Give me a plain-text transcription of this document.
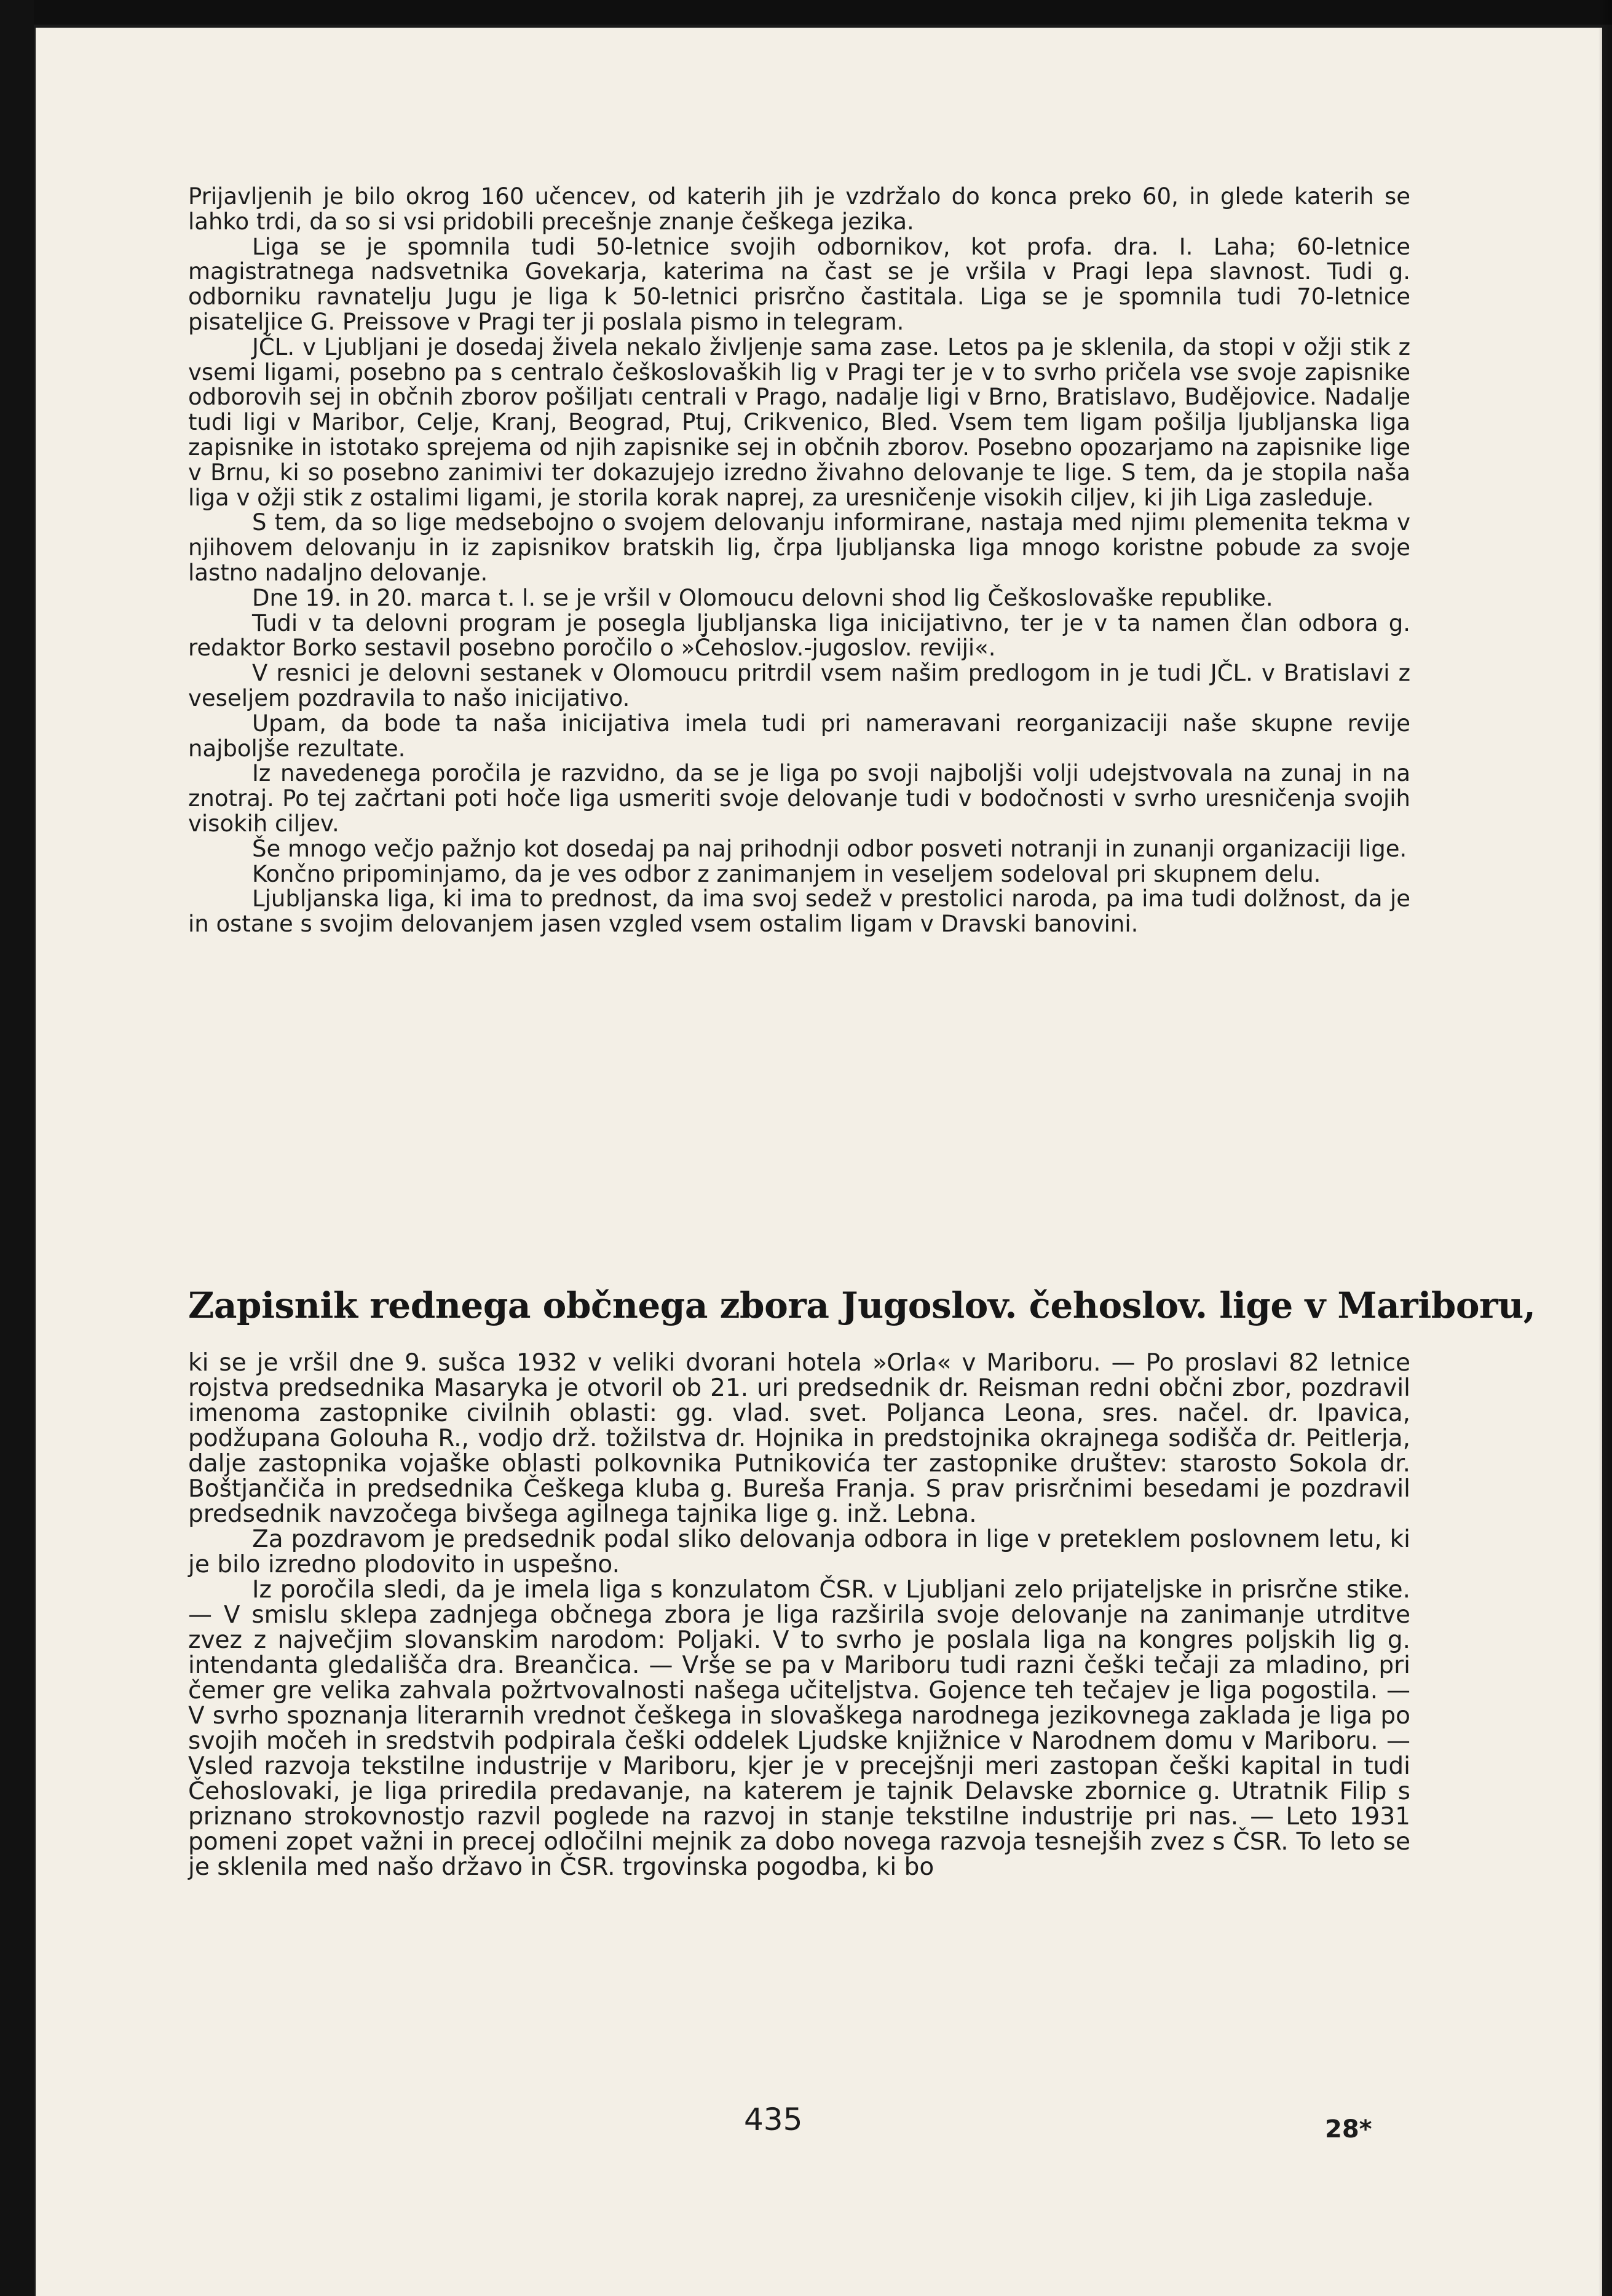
Prijavljenih je bilo okrog 160 učencev, od katerih jih je vzdržalo do konca preko 60, in glede katerih se lahko trdi, da so si vsi pridobili precešnje znanje češkega jezika.

Liga se je spomnila tudi 50-letnice svojih odbornikov, kot profa. dra. I. Laha; 60-letnice magistratnega nadsvetnika Govekarja, katerima na čast se je vršila v Pragi lepa slavnost. Tudi g. odborniku ravnatelju Jugu je liga k 50-letnici prisrčno častitala. Liga se je spomnila tudi 70-letnice pisateljice G. Preissove v Pragi ter ji poslala pismo in telegram.

JČL. v Ljubljani je dosedaj živela nekalo življenje sama zase. Letos pa je sklenila, da stopi v ožji stik z vsemi ligami, posebno pa s centralo češkoslovaških lig v Pragi ter je v to svrho pričela vse svoje zapisnike odborovih sej in občnih zborov pošiljatı centrali v Prago, nadalje ligi v Brno, Bratislavo, Budějovice. Nadalje tudi ligi v Maribor, Celje, Kranj, Beograd, Ptuj, Crikvenico, Bled. Vsem tem ligam pošilja ljubljanska liga zapisnike in istotako sprejema od njih zapisnike sej in občnih zborov. Posebno opozarjamo na zapisnike lige v Brnu, ki so posebno zanimivi ter dokazujejo izredno živahno delovanje te lige. S tem, da je stopila naša liga v ožji stik z ostalimi ligami, je storila korak naprej, za uresničenje visokih ciljev, ki jih Liga zasleduje.

S tem, da so lige medsebojno o svojem delovanju informirane, nastaja med njimı plemenita tekma v njihovem delovanju in iz zapisnikov bratskih lig, črpa ljubljanska liga mnogo koristne pobude za svoje lastno nadaljno delovanje.

Dne 19. in 20. marca t. l. se je vršil v Olomoucu delovni shod lig Češkoslovaške republike.

Tudi v ta delovni program je posegla ljubljanska liga inicijativno, ter je v ta namen član odbora g. redaktor Borko sestavil posebno poročilo o »Čehoslov.-jugoslov. reviji«.

V resnici je delovni sestanek v Olomoucu pritrdil vsem našim predlogom in je tudi JČL. v Bratislavi z veseljem pozdravila to našo inicijativo.

Upam, da bode ta naša inicijativa imela tudi pri nameravani reorganizaciji naše skupne revije najboljše rezultate.

Iz navedenega poročila je razvidno, da se je liga po svoji najboljši volji udejstvovala na zunaj in na znotraj. Po tej začrtani poti hoče liga usmeriti svoje delovanje tudi v bodočnosti v svrho uresničenja svojih visokih ciljev.

Še mnogo večjo pažnjo kot dosedaj pa naj prihodnji odbor posveti notranji in zunanji organizaciji lige.

Končno pripominjamo, da je ves odbor z zanimanjem in veseljem sodeloval pri skupnem delu.

Ljubljanska liga, ki ima to prednost, da ima svoj sedež v prestolici naroda, pa ima tudi dolžnost, da je in ostane s svojim delovanjem jasen vzgled vsem ostalim ligam v Dravski banovini.

Zapisnik rednega občnega zbora Jugoslov. čehoslov. lige v Mariboru,

ki se je vršil dne 9. sušca 1932 v veliki dvorani hotela »Orla« v Mariboru. — Po proslavi 82 letnice rojstva predsednika Masaryka je otvoril ob 21. uri predsednik dr. Reisman redni občni zbor, pozdravil imenoma zastopnike civilnih oblasti: gg. vlad. svet. Poljanca Leona, sres. načel. dr. Ipavica, podžupana Golouha R., vodjo drž. tožilstva dr. Hojnika in predstojnika okrajnega sodišča dr. Peitlerja, dalje zastopnika vojaške oblasti polkovnika Putnikovića ter zastopnike društev: starosto Sokola dr. Boštjančiča in predsednika Češkega kluba g. Bureša Franja. S prav prisrčnimi besedami je pozdravil predsednik navzočega bivšega agilnega tajnika lige g. inž. Lebna.

Za pozdravom je predsednik podal sliko delovanja odbora in lige v preteklem poslovnem letu, ki je bilo izredno plodovito in uspešno.

Iz poročila sledi, da je imela liga s konzulatom ČSR. v Ljubljani zelo prijateljske in prisrčne stike. — V smislu sklepa zadnjega občnega zbora je liga razširila svoje delovanje na zanimanje utrditve zvez z največjim slovanskim narodom: Poljaki. V to svrho je poslala liga na kongres poljskih lig g. intendanta gledališča dra. Breančica. — Vrše se pa v Mariboru tudi razni češki tečaji za mladino, pri čemer gre velika zahvala požrtvovalnosti našega učiteljstva. Gojence teh tečajev je liga pogostila. — V svrho spoznanja literarnih vrednot češkega in slovaškega narodnega jezikovnega zaklada je liga po svojih močeh in sredstvih podpirala češki oddelek Ljudske knjižnice v Narodnem domu v Mariboru. — Vsled razvoja tekstilne industrije v Mariboru, kjer je v precejšnji meri zastopan češki kapital in tudi Čehoslovaki, je liga priredila predavanje, na katerem je tajnik Delavske zbornice g. Utratnik Filip s priznano strokovnostjo razvil poglede na razvoj in stanje tekstilne industrije pri nas. — Leto 1931 pomeni zopet važni in precej odločilni mejnik za dobo novega razvoja tesnejših zvez s ČSR. To leto se je sklenila med našo državo in ČSR. trgovinska pogodba, ki bo

435	28*
